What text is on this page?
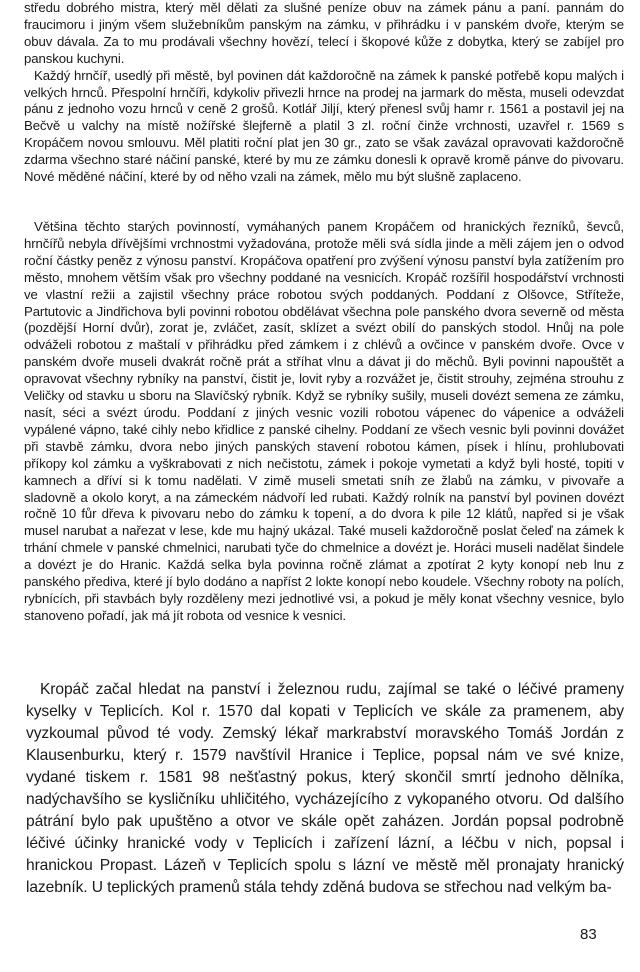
středu dobrého mistra, který měl dělati za slušné peníze obuv na zámek pánu a paní. pannám do fraucimoru i jiným všem služebníkům panským na zámku, v přihrádku i v panském dvoře, kterým se obuv dávala. Za to mu prodávali všechny hovězí, telecí i škopové kůže z dobytka, který se zabíjel pro panskou kuchyni.

Každý hrnčíř, usedlý při městě, byl povinen dát každoročně na zámek k panské potřebě kopu malých i velkých hrnců. Přespolní hrnčíři, kdykoliv přivezli hrnce na prodej na jarmark do města, museli odevzdat pánu z jednoho vozu hrnců v ceně 2 grošů. Kotlář Jiljí, který přenesl svůj hamr r. 1561 a postavil jej na Bečvě u valchy na místě nožířské šlejferně a platil 3 zl. roční činže vrchnosti, uzavřel r. 1569 s Kropáčem novou smlouvu. Měl platiti roční plat jen 30 gr., zato se však zavázal opravovati každoročně zdarma všechno staré náčiní panské, které by mu ze zámku donesli k opravě kromě pánve do pivovaru. Nové měděné náčiní, které by od něho vzali na zámek, mělo mu být slušně zaplaceno.

Většina těchto starých povinností, vymáhaných panem Kropáčem od hranických řezníků, ševců, hrnčířů nebyla dřívějšími vrchnostmi vyžadována, protože měli svá sídla jinde a měli zájem jen o odvod roční částky peněz z výnosu panství. Kropáčova opatření pro zvýšení výnosu panství byla zatížením pro město, mnohem větším však pro všechny poddané na vesnicích. Kropáč rozšířil hospodářství vrchnosti ve vlastní režii a zajistil všechny práce robotou svých poddaných. Poddaní z Olšovce, Stříteže, Partutovic a Jindřichova byli povinni robotou obdělávat všechna pole panského dvora severně od města (pozdější Horní dvůr), zorat je, zvláčet, zasít, sklízet a svézt obilí do panských stodol. Hnůj na pole odváželi robotou z maštalí v přihrádku před zámkem i z chlévů a ovčince v panském dvoře. Ovce v panském dvoře museli dvakrát ročně prát a stříhat vlnu a dávat ji do měchů. Byli povinni napouštět a opravovat všechny rybníky na panství, čistit je, lovit ryby a rozvážet je, čistit strouhy, zejména strouhu z Veličky od stavku u sboru na Slavíčský rybník. Když se rybníky sušily, museli dovézt semena ze zámku, nasít, séci a svézt úrodu. Poddaní z jiných vesnic vozili robotou vápenec do vápenice a odváželi vypálené vápno, také cihly nebo křidlice z panské cihelny. Poddaní ze všech vesnic byli povinni dovážet při stavbě zámku, dvora nebo jiných panských stavení robotou kámen, písek i hlínu, prohlubovati příkopy kol zámku a vyškrabovati z nich nečistotu, zámek i pokoje vymetati a když byli hosté, topiti v kamnech a dříví si k tomu nadělati. V zimě museli smetati sníh ze žlabů na zámku, v pivovaře a sladovně a okolo koryt, a na zámeckém nádvoří led rubati. Každý rolník na panství byl povinen dovézt ročně 10 fůr dřeva k pivovaru nebo do zámku k topení, a do dvora k pile 12 klátů, napřed si je však musel narubat a nařezat v lese, kde mu hajný ukázal. Také museli každoročně poslat čeleď na zámek k trhání chmele v panské chmelnici, narubati tyče do chmelnice a dovézt je. Horáci museli nadělat šindele a dovézt je do Hranic. Každá selka byla povinna ročně zlámat a zpotírat 2 kyty konopí neb lnu z panského přediva, které jí bylo dodáno a napříst 2 lokte konopí nebo koudele. Všechny roboty na polích, rybnících, při stavbách byly rozděleny mezi jednotlivé vsi, a pokud je měly konat všechny vesnice, bylo stanoveno pořadí, jak má jít robota od vesnice k vesnici.

Kropáč začal hledat na panství i železnou rudu, zajímal se také o léčivé prameny kyselky v Teplicích. Kol r. 1570 dal kopati v Teplicích ve skále za pramenem, aby vyzkoumal původ té vody. Zemský lékař markrabství moravského Tomáš Jordán z Klausenburku, který r. 1579 navštívil Hranice i Teplice, popsal nám ve své knize, vydané tiskem r. 1581 98 nešťastný pokus, který skončil smrtí jednoho dělníka, nadýchavšího se kysličníku uhličitého, vycházejícího z vykopaného otvoru. Od dalšího pátrání bylo pak upuštěno a otvor ve skále opět zaházen. Jordán popsal podrobně léčivé účinky hranické vody v Teplicích i zařízení lázní, a léčbu v nich, popsal i hranickou Propast. Lázeň v Teplicích spolu s lázní ve městě měl pronajaty hranický lazebník. U teplických pramenů stála tehdy zděná budova se střechou nad velkým ba-

83
